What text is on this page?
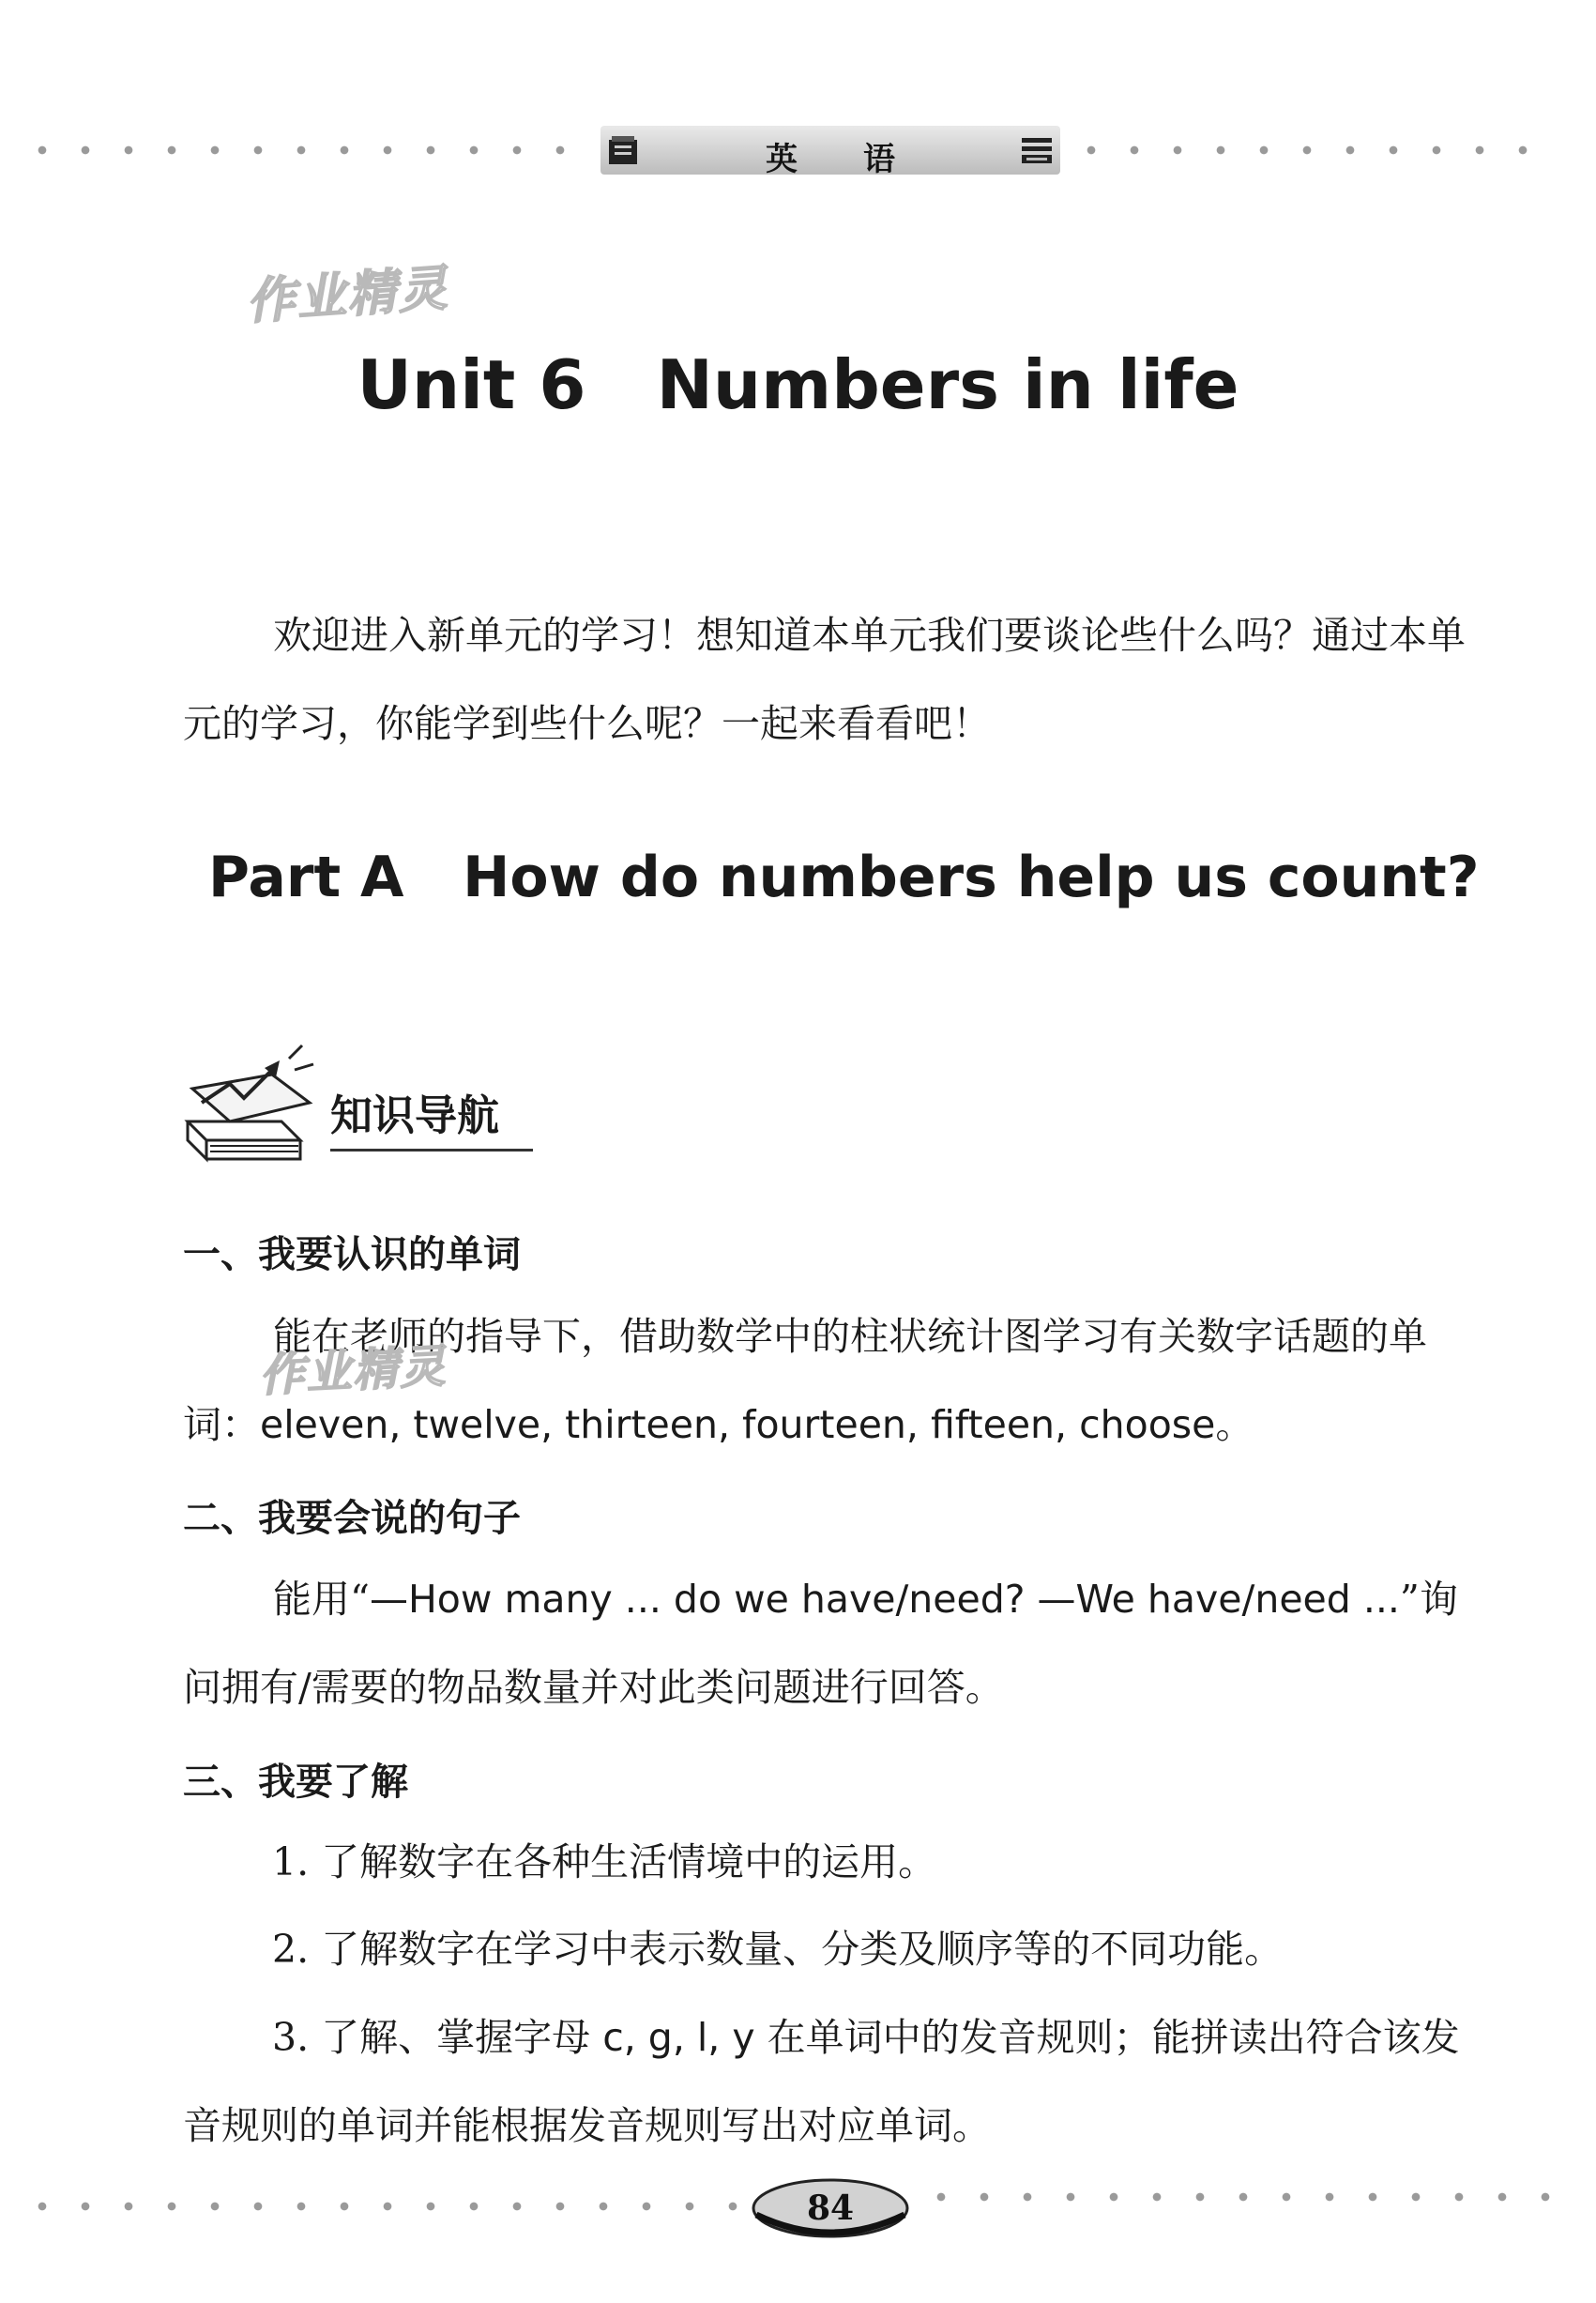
英语
作业精灵
Unit 6   Numbers in life

欢迎进入新单元的学习！想知道本单元我们要谈论些什么吗？通过本单元的学习，你能学到些什么呢？一起来看看吧！

Part A   How do numbers help us count?
知识导航
一、我要认识的单词

能在老师的指导下，借助数学中的柱状统计图学习有关数字话题的单词：eleven, twelve, thirteen, fourteen, fifteen, choose。

作业精灵
二、我要会说的句子

能用“—How many ... do we have/need? —We have/need ...”询问拥有/需要的物品数量并对此类问题进行回答。

三、我要了解

1. 了解数字在各种生活情境中的运用。

2. 了解数字在学习中表示数量、分类及顺序等的不同功能。

3. 了解、掌握字母 c, g, l, y 在单词中的发音规则；能拼读出符合该发音规则的单词并能根据发音规则写出对应单词。

84
